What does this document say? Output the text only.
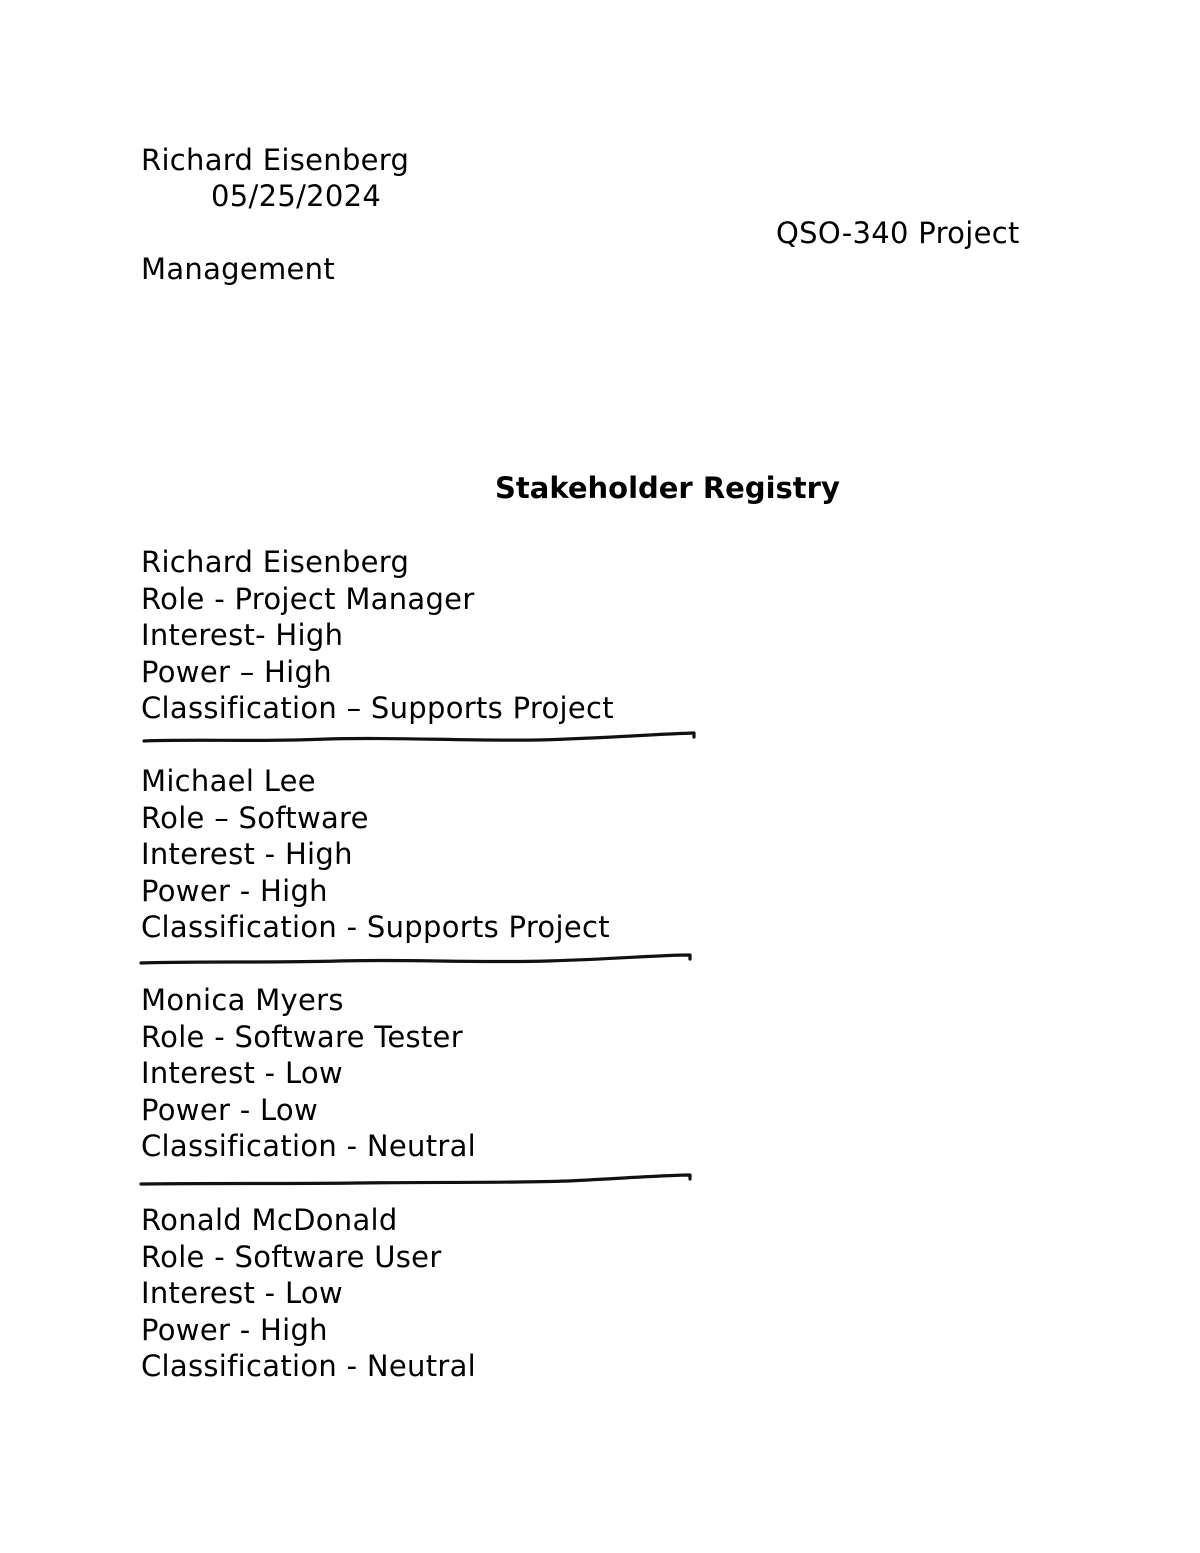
Richard Eisenberg
05/25/2024
QSO-340 Project
Management
Stakeholder Registry
Richard Eisenberg
Role - Project Manager
Interest- High
Power – High
Classification – Supports Project
Michael Lee
Role – Software
Interest - High
Power - High
Classification - Supports Project
Monica Myers
Role - Software Tester
Interest - Low
Power - Low
Classification - Neutral
Ronald McDonald
Role - Software User
Interest - Low
Power - High
Classification - Neutral
